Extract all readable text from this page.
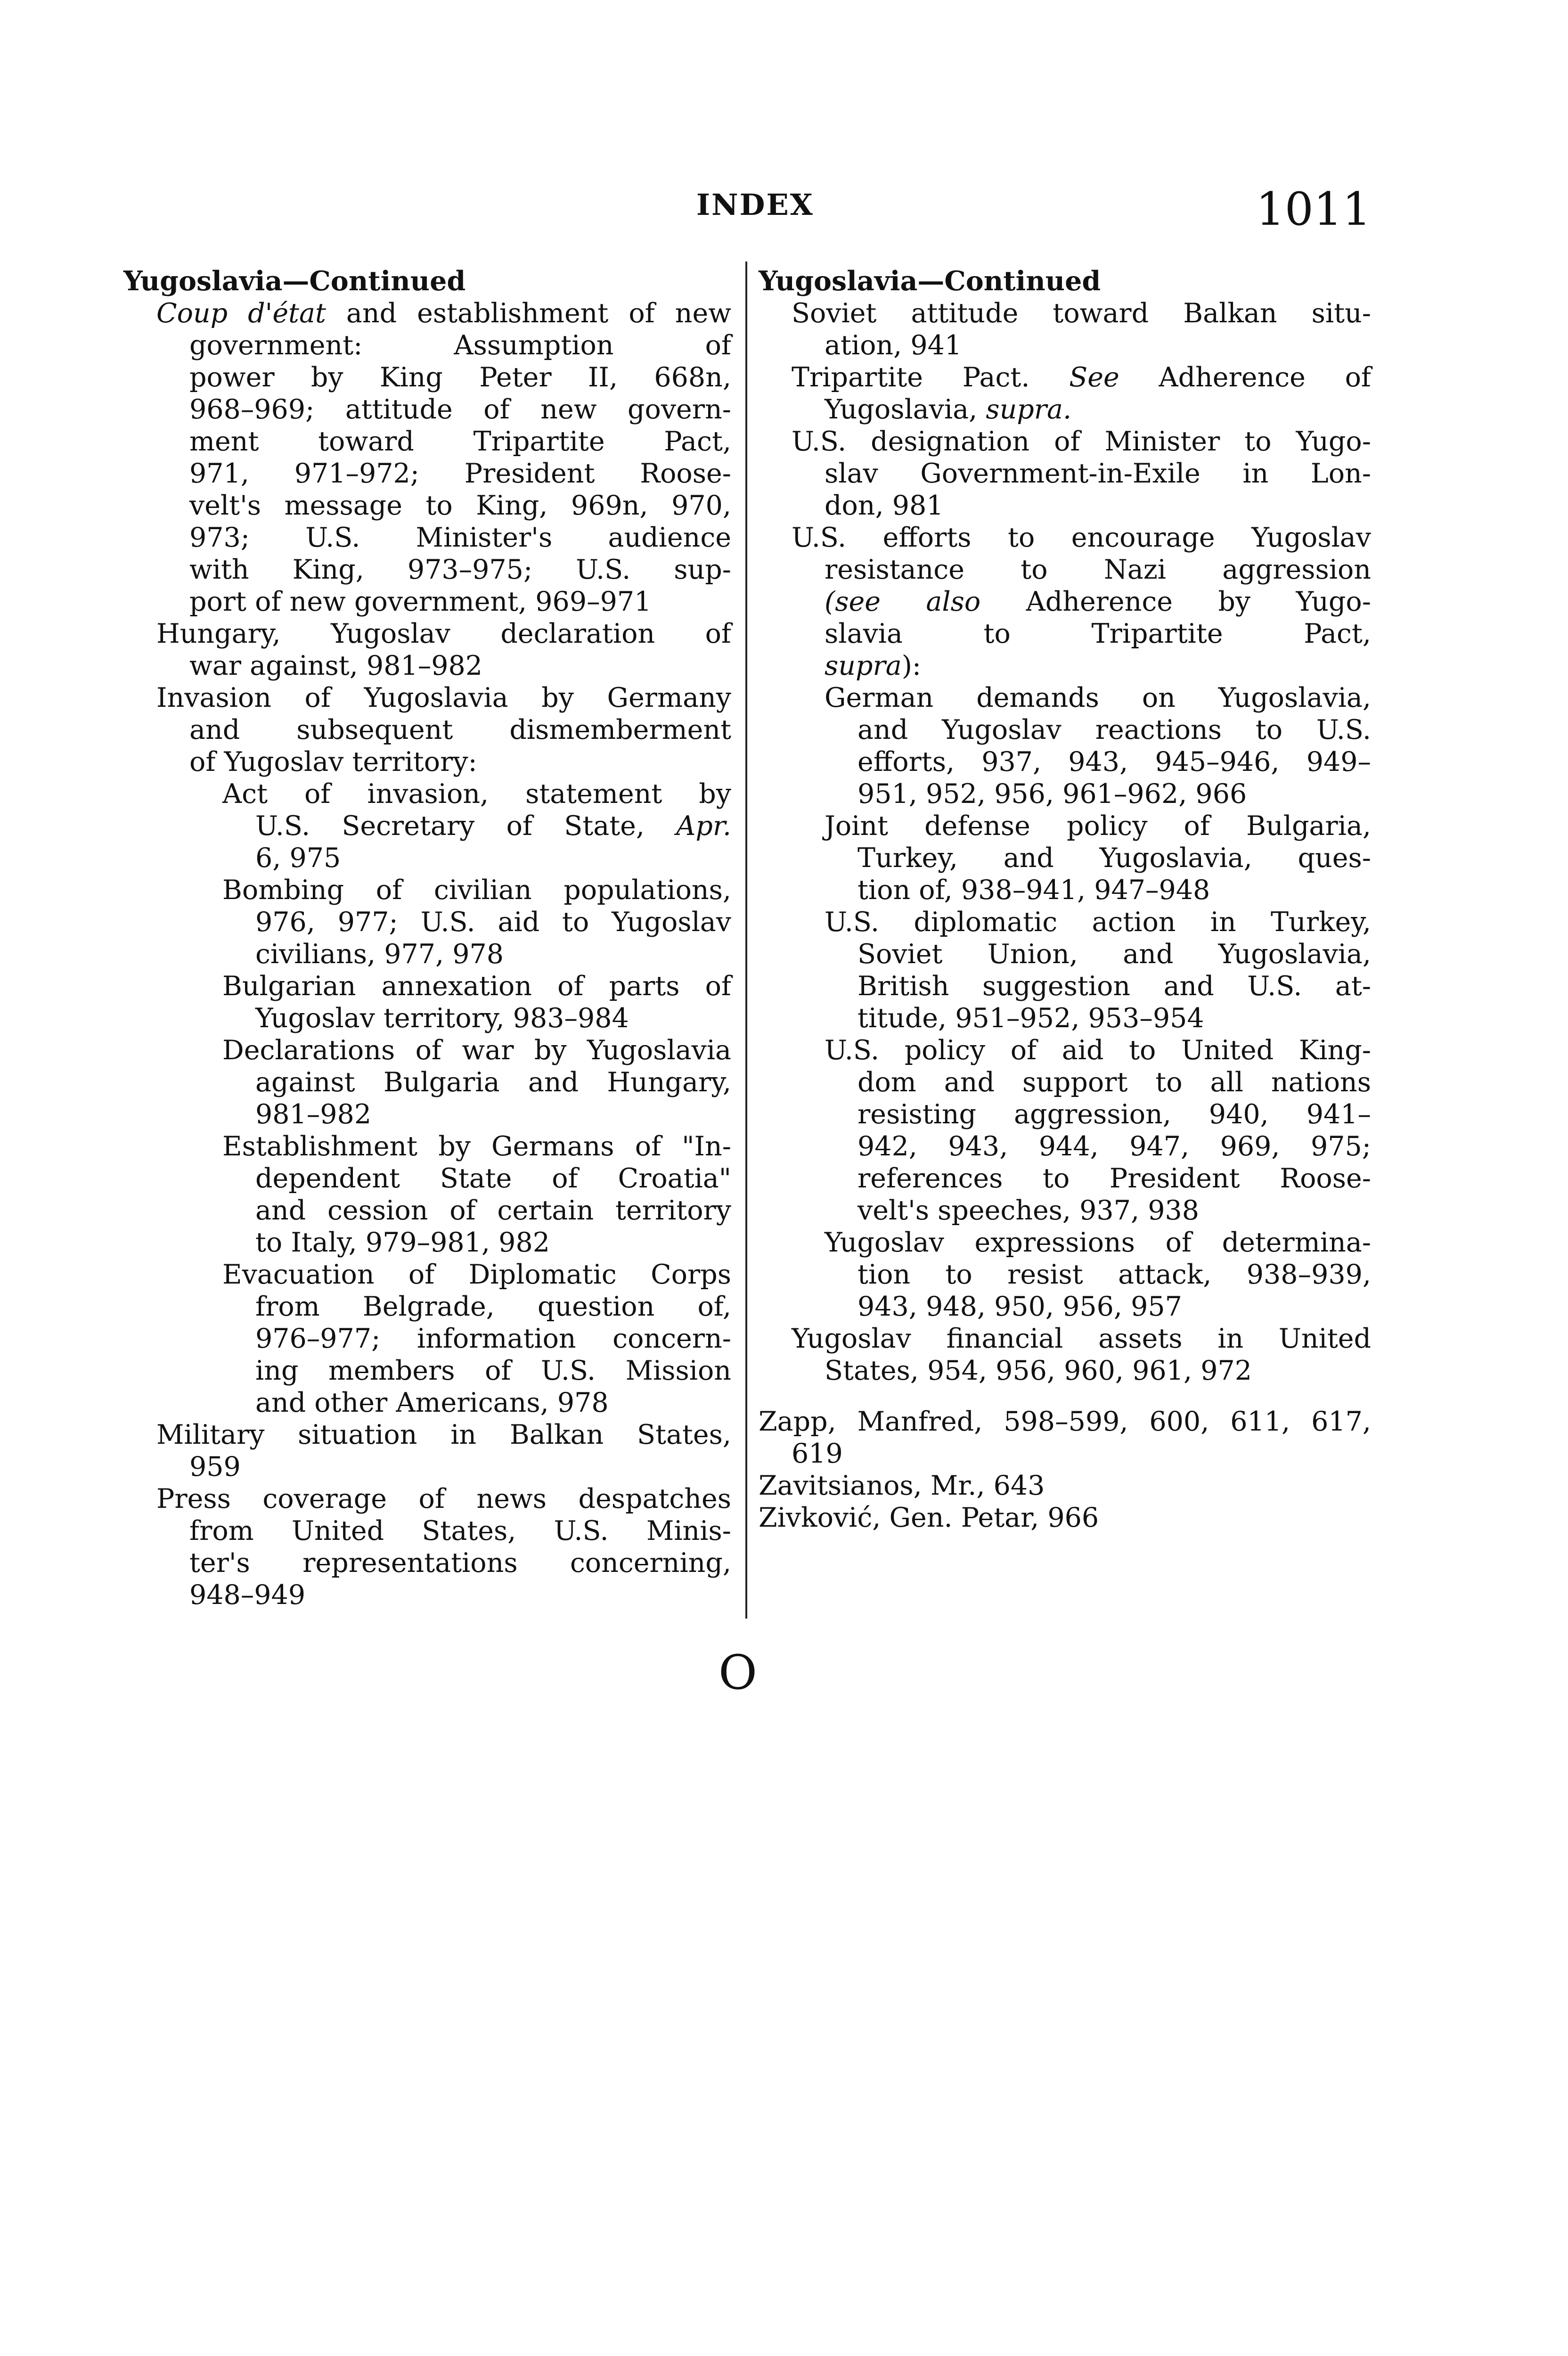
INDEX	1011
Yugoslavia—Continued
Coup d'état and establishment of new
government: Assumption of
power by King Peter II, 668n,
968–969; attitude of new govern-
ment toward Tripartite Pact,
971, 971–972; President Roose-
velt's message to King, 969n, 970,
973; U.S. Minister's audience
with King, 973–975; U.S. sup-
port of new government, 969–971
Hungary, Yugoslav declaration of
war against, 981–982
Invasion of Yugoslavia by Germany
and subsequent dismemberment
of Yugoslav territory:
Act of invasion, statement by
U.S. Secretary of State, Apr.
6, 975
Bombing of civilian populations,
976, 977; U.S. aid to Yugoslav
civilians, 977, 978
Bulgarian annexation of parts of
Yugoslav territory, 983–984
Declarations of war by Yugoslavia
against Bulgaria and Hungary,
981–982
Establishment by Germans of "In-
dependent State of Croatia"
and cession of certain territory
to Italy, 979–981, 982
Evacuation of Diplomatic Corps
from Belgrade, question of,
976–977; information concern-
ing members of U.S. Mission
and other Americans, 978
Military situation in Balkan States,
959
Press coverage of news despatches
from United States, U.S. Minis-
ter's representations concerning,
948–949
Yugoslavia—Continued
Soviet attitude toward Balkan situ-
ation, 941
Tripartite Pact. See Adherence of
Yugoslavia, supra.
U.S. designation of Minister to Yugo-
slav Government-in-Exile in Lon-
don, 981
U.S. efforts to encourage Yugoslav
resistance to Nazi aggression
(see also Adherence by Yugo-
slavia to Tripartite Pact,
supra):
German demands on Yugoslavia,
and Yugoslav reactions to U.S.
efforts, 937, 943, 945–946, 949–
951, 952, 956, 961–962, 966
Joint defense policy of Bulgaria,
Turkey, and Yugoslavia, ques-
tion of, 938–941, 947–948
U.S. diplomatic action in Turkey,
Soviet Union, and Yugoslavia,
British suggestion and U.S. at-
titude, 951–952, 953–954
U.S. policy of aid to United King-
dom and support to all nations
resisting aggression, 940, 941–
942, 943, 944, 947, 969, 975;
references to President Roose-
velt's speeches, 937, 938
Yugoslav expressions of determina-
tion to resist attack, 938–939,
943, 948, 950, 956, 957
Yugoslav financial assets in United
States, 954, 956, 960, 961, 972
Zapp, Manfred, 598–599, 600, 611, 617,
619
Zavitsianos, Mr., 643
Zivković, Gen. Petar, 966
O
